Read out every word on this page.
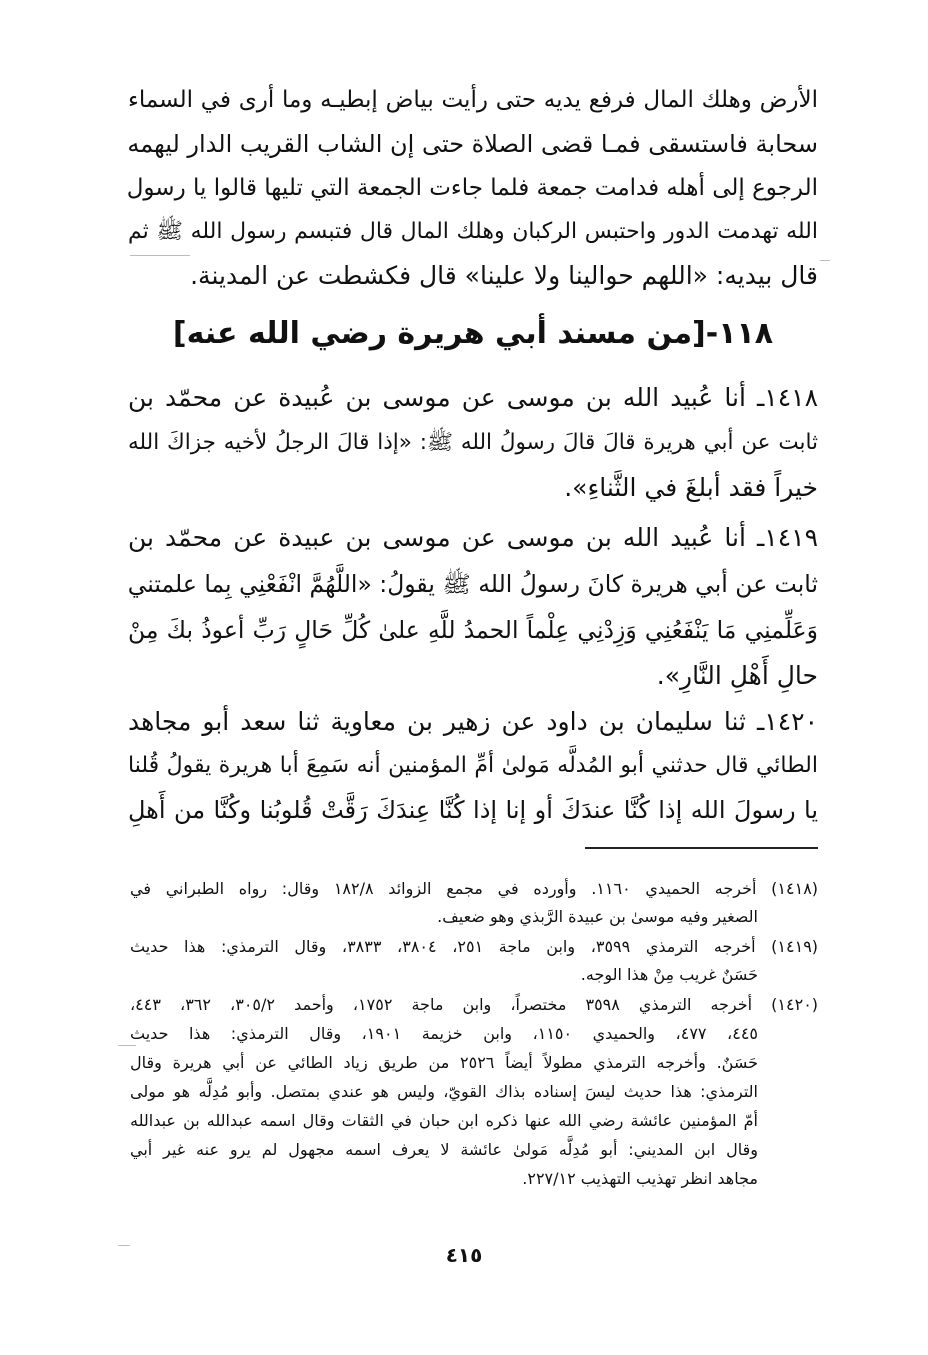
الأرض وهلك المال فرفع يديه حتى رأيت بياض إبطيـه وما أرى في السماء
سحابة فاستسقى فمـا قضى الصلاة حتى إن الشاب القريب الدار ليهمه
الرجوع إلى أهله فدامت جمعة فلما جاءت الجمعة التي تليها قالوا يا رسول
الله تهدمت الدور واحتبس الركبان وهلك المال قال فتبسم رسول الله ﷺ ثم
قال بيديه: «اللهم حوالينا ولا علينا» قال فكشطت عن المدينة.
١١٨-[من مسند أبي هريرة رضي الله عنه]
١٤١٨ـ أنا عُبيد الله بن موسى عن موسى بن عُبيدة عن محمّد بن
ثابت عن أبي هريرة قالَ قالَ رسولُ الله ﷺ: «إذا قالَ الرجلُ لأخيه جزاكَ الله
خيراً فقد أبلغَ في الثَّناءِ».
١٤١٩ـ أنا عُبيد الله بن موسى عن موسى بن عبيدة عن محمّد بن
ثابت عن أبي هريرة كانَ رسولُ الله ﷺ يقولُ: «اللَّهُمَّ انْفَعْنِي بِما علمتني
وَعَلِّمنِي مَا يَنْفَعُنِي وَزِدْنِي عِلْماً الحمدُ للَّهِ علىٰ كُلِّ حَالٍ رَبِّ أعوذُ بكَ مِنْ
حالِ أَهْلِ النَّارِ».
١٤٢٠ـ ثنا سليمان بن داود عن زهير بن معاوية ثنا سعد أبو مجاهد
الطائي قال حدثني أبو المُدلَّه مَولىٰ أمِّ المؤمنين أنه سَمِعَ أبا هريرة يقولُ قُلنا
يا رسولَ الله إذا كُنَّا عندَكَ أو إنا إذا كُنَّا عِندَكَ رَقَّتْ قُلوبُنا وكُنَّا من أَهلِ
(١٤١٨) أخرجه الحميدي ١١٦٠. وأورده في مجمع الزوائد ١٨٢/٨ وقال: رواه الطبراني في
الصغير وفيه موسىٰ بن عبيدة الرَّبذي وهو ضعيف.
(١٤١٩) أخرجه الترمذي ٣٥٩٩، وابن ماجة ٢٥١، ٣٨٠٤، ٣٨٣٣، وقال الترمذي: هذا حديث
حَسَنٌ غريب مِنْ هذا الوجه.
(١٤٢٠) أخرجه الترمذي ٣٥٩٨ مختصراً، وابن ماجة ١٧٥٢، وأحمد ٣٠٥/٢، ٣٦٢، ٤٤٣،
٤٤٥، ٤٧٧، والحميدي ١١٥٠، وابن خزيمة ١٩٠١، وقال الترمذي: هذا حديث
حَسَنٌ. وأخرجه الترمذي مطولاً أيضاً ٢٥٢٦ من طريق زياد الطائي عن أبي هريرة وقال
الترمذي: هذا حديث ليسَ إسناده بذاك القويّ، وليس هو عندي بمتصل. وأبو مُدِلَّه هو مولى
أمّ المؤمنين عائشة رضي الله عنها ذكره ابن حبان في الثقات وقال اسمه عبدالله بن عبدالله
وقال ابن المديني: أبو مُدِلَّه مَولىٰ عائشة لا يعرف اسمه مجهول لم يرو عنه غير أبي
مجاهد انظر تهذيب التهذيب ٢٢٧/١٢.
٤١٥
